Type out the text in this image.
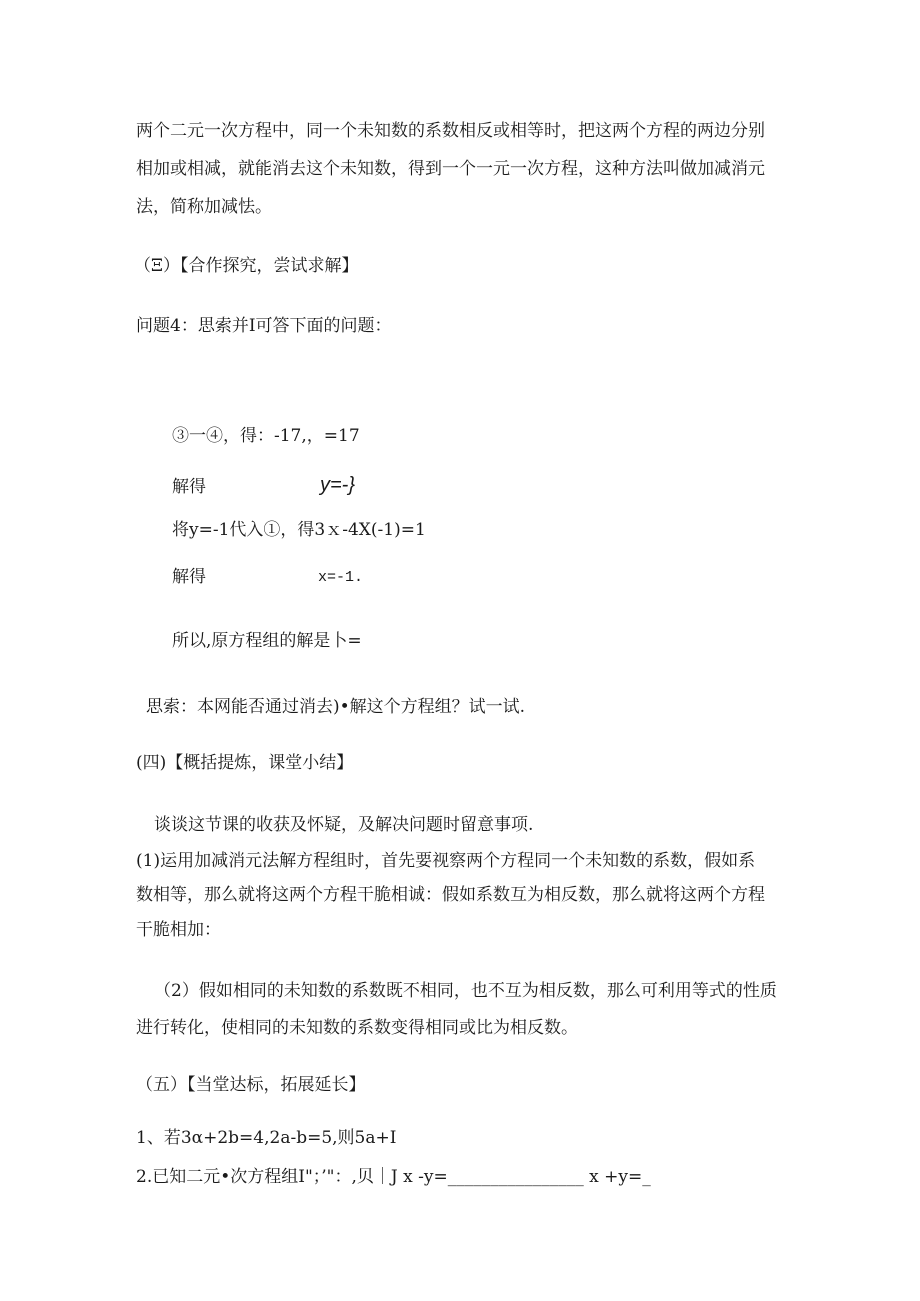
两个二元一次方程中，同一个未知数的系数相反或相等时，把这两个方程的两边分别
相加或相减，就能消去这个未知数，得到一个一元一次方程，这种方法叫做加减消元
法，简称加减怯。
（Ξ）【合作探究，尝试求解】
问题4：思索并I可答下面的问题：
③一④，得：-17,，=17
解得	y=-}
将y=-1代入①，得3ｘ-4X(-1)=1
解得	x=-1.
所以,原方程组的解是卜=
思索：本网能否通过消去)•解这个方程组？试一试.
(四)【概括提炼，课堂小结】
谈谈这节课的收获及怀疑，及解决问题时留意事项.
(1)运用加减消元法解方程组时，首先要视察两个方程同一个未知数的系数，假如系
数相等，那么就将这两个方程干脆相诚：假如系数互为相反数，那么就将这两个方程
干脆相加：
（2）假如相同的未知数的系数既不相同，也不互为相反数，那么可利用等式的性质
进行转化，使相同的未知数的系数变得相同或比为相反数。
（五）【当堂达标，拓展延长】
1、若3α+2b=4,2a-b=5,则5a+I
2.已知二元•次方程组I"；’"：,贝｜J x -y=________________ x +y=_
